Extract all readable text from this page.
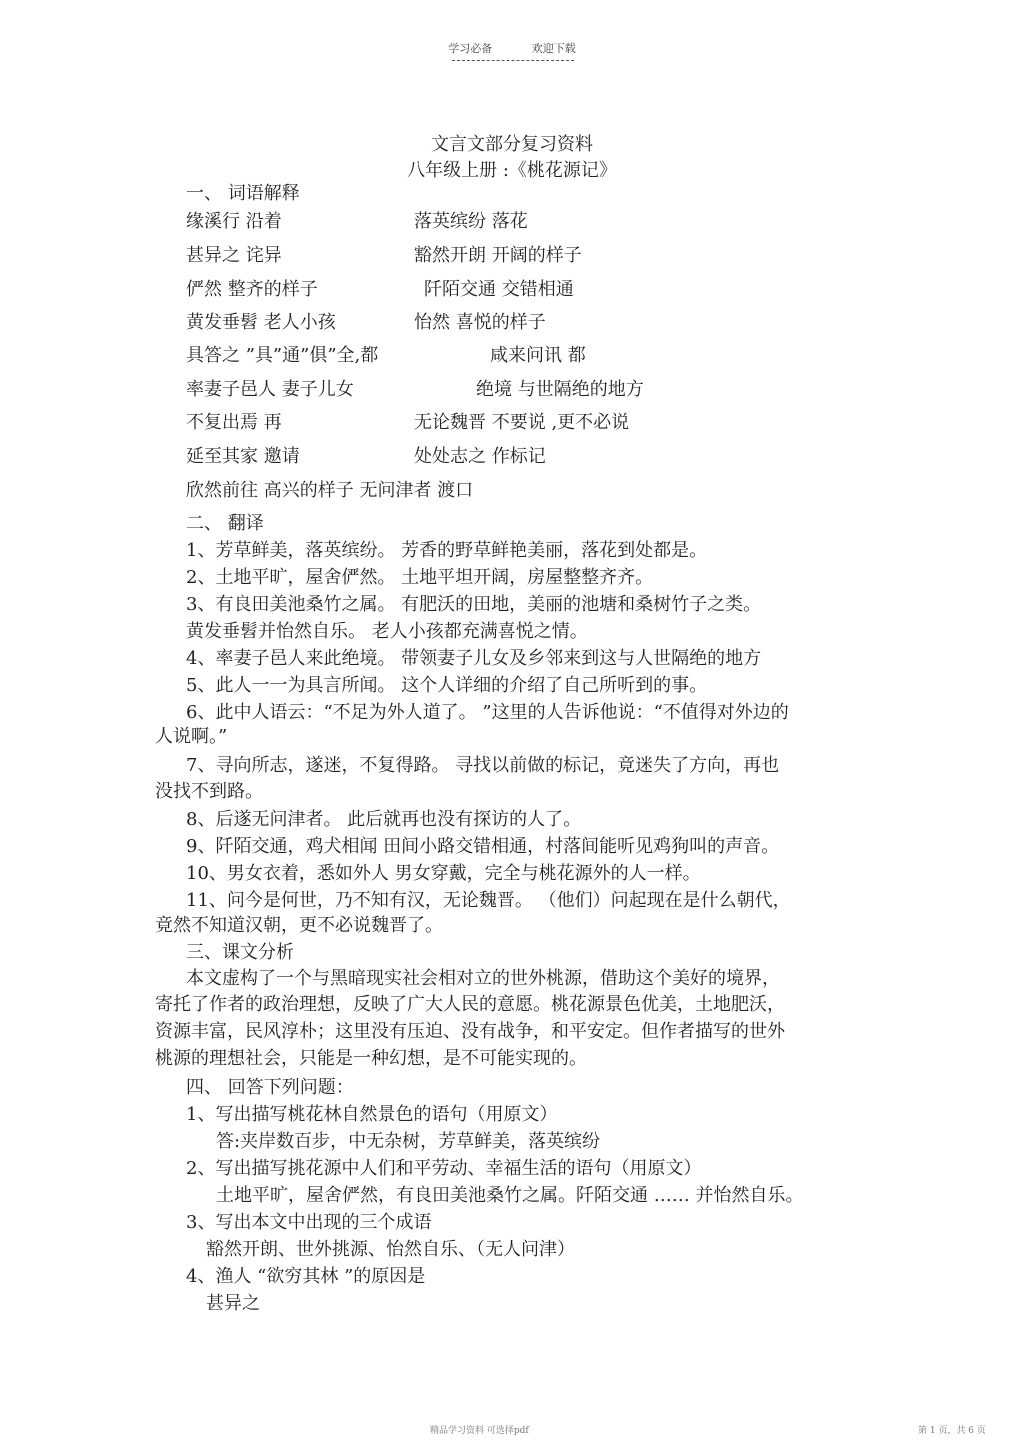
学习必备	欢迎下载
文言文部分复习资料
八年级上册 :《桃花源记》
一、 词语解释
缘溪行 沿着	落英缤纷 落花
甚异之 诧异	豁然开朗 开阔的样子
俨然 整齐的样子	阡陌交通 交错相通
黄发垂髫 老人小孩	怡然 喜悦的样子
具答之 ”具”通”俱”全,都	咸来问讯 都
率妻子邑人 妻子儿女	绝境 与世隔绝的地方
不复出焉 再	无论魏晋 不要说 ,更不必说
延至其家 邀请	处处志之 作标记
欣然前往 高兴的样子 无问津者 渡口
二、 翻译
1、芳草鲜美，落英缤纷。 芳香的野草鲜艳美丽，落花到处都是。
2、土地平旷，屋舍俨然。 土地平坦开阔，房屋整整齐齐。
3、有良田美池桑竹之属。 有肥沃的田地，美丽的池塘和桑树竹子之类。
黄发垂髫并怡然自乐。 老人小孩都充满喜悦之情。
4、率妻子邑人来此绝境。 带领妻子儿女及乡邻来到这与人世隔绝的地方
5、此人一一为具言所闻。 这个人详细的介绍了自己所听到的事。
6、此中人语云：“不足为外人道了。 ”这里的人告诉他说：“不值得对外边的
人说啊。”
7、寻向所志，遂迷，不复得路。 寻找以前做的标记，竟迷失了方向，再也
没找不到路。
8、后遂无问津者。 此后就再也没有探访的人了。
9、阡陌交通，鸡犬相闻 田间小路交错相通，村落间能听见鸡狗叫的声音。
10、男女衣着，悉如外人 男女穿戴，完全与桃花源外的人一样。
11、问今是何世，乃不知有汉，无论魏晋。 （他们）问起现在是什么朝代，
竟然不知道汉朝，更不必说魏晋了。
三、课文分析
本文虚构了一个与黑暗现实社会相对立的世外桃源，借助这个美好的境界，
寄托了作者的政治理想，反映了广大人民的意愿。桃花源景色优美，土地肥沃，
资源丰富，民风淳朴；这里没有压迫、没有战争，和平安定。但作者描写的世外
桃源的理想社会，只能是一种幻想，是不可能实现的。
四、 回答下列问题：
1、写出描写桃花林自然景色的语句（用原文）
答:夹岸数百步，中无杂树，芳草鲜美，落英缤纷
2、写出描写挑花源中人们和平劳动、幸福生活的语句（用原文）
土地平旷，屋舍俨然，有良田美池桑竹之属。阡陌交通 …… 并怡然自乐。
3、写出本文中出现的三个成语
豁然开朗、世外挑源、怡然自乐、（无人问津）
4、渔人 “欲穷其林 ”的原因是
甚异之
精品学习资料 可选择pdf	第 1 页，共 6 页
